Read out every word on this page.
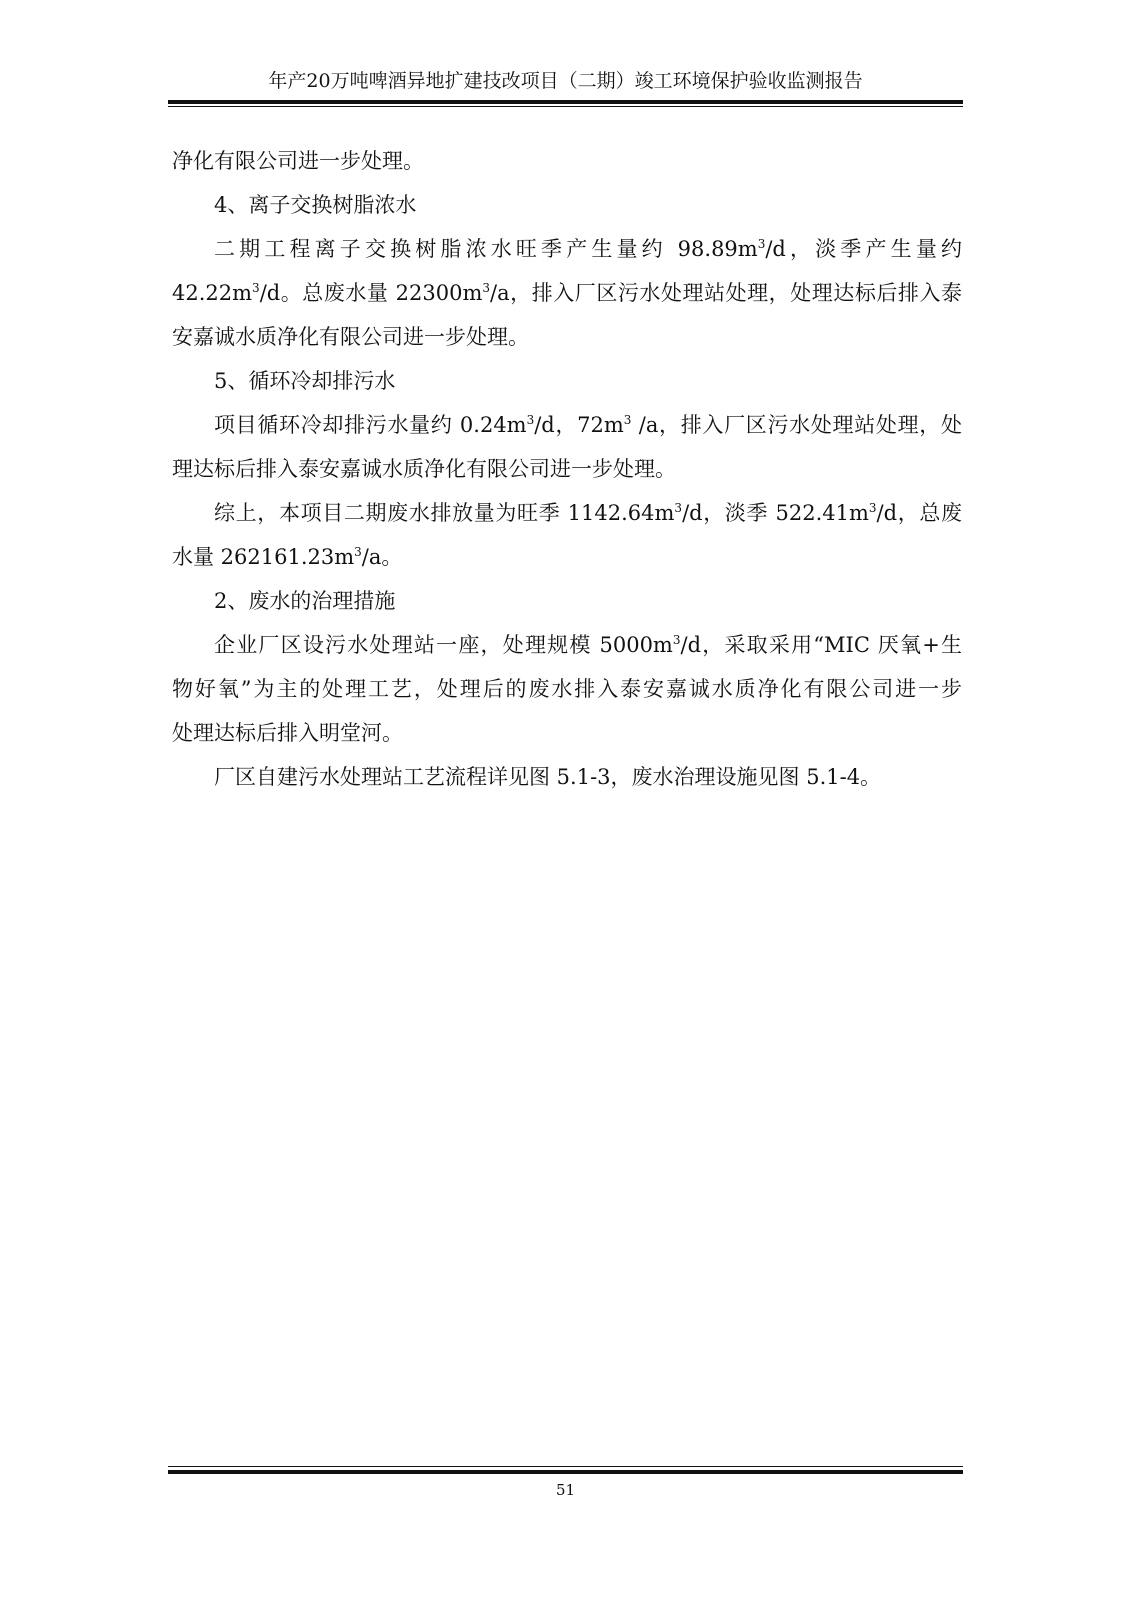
年产20万吨啤酒异地扩建技改项目（二期）竣工环境保护验收监测报告
净化有限公司进一步处理。
4、离子交换树脂浓水
二期工程离子交换树脂浓水旺季产生量约 $98.89m^3/d$，淡季产生量约
$42.22m^3/d$。总废水量 $22300m^3/a$，排入厂区污水处理站处理，处理达标后排入泰
安嘉诚水质净化有限公司进一步处理。
5、循环冷却排污水
项目循环冷却排污水量约 $0.24m^3/d$，$72m^3$ /a，排入厂区污水处理站处理，处
理达标后排入泰安嘉诚水质净化有限公司进一步处理。
综上，本项目二期废水排放量为旺季 $1142.64m^3/d$，淡季 $522.41m^3/d$，总废
水量 $262161.23m^3/a$。
2、废水的治理措施
企业厂区设污水处理站一座，处理规模 $5000m^3/d$，采取采用“MIC 厌氧+生
物好氧”为主的处理工艺，处理后的废水排入泰安嘉诚水质净化有限公司进一步
处理达标后排入明堂河。
厂区自建污水处理站工艺流程详见图 5.1-3，废水治理设施见图 5.1-4。
51
